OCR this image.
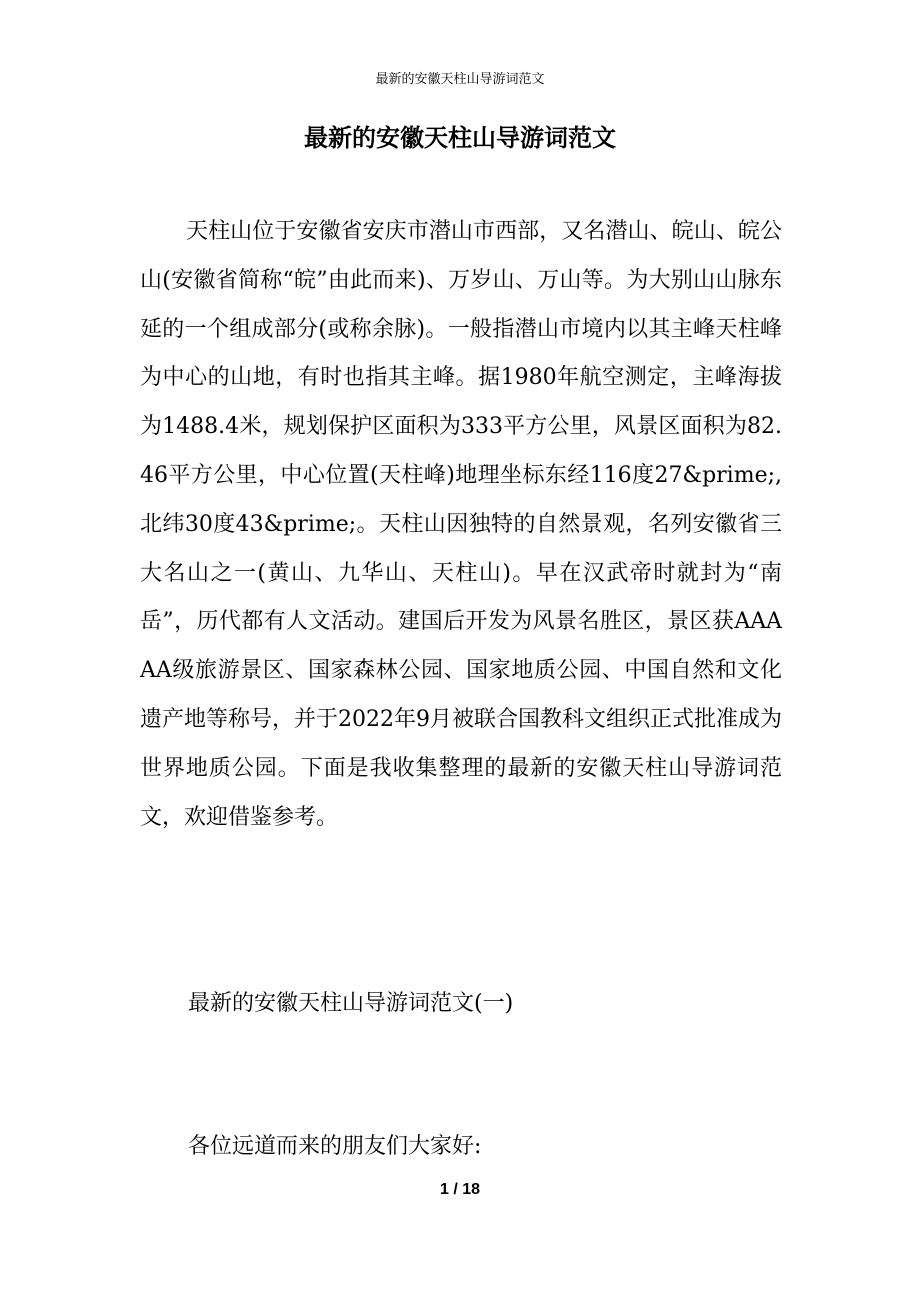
最新的安徽天柱山导游词范文
最新的安徽天柱山导游词范文

天柱山位于安徽省安庆市潜山市西部，又名潜山、皖山、皖公山(安徽省简称“皖”由此而来)、万岁山、万山等。为大别山山脉东延的一个组成部分(或称余脉)。一般指潜山市境内以其主峰天柱峰为中心的山地，有时也指其主峰。据1980年航空测定，主峰海拔为1488.4米，规划保护区面积为333平方公里，风景区面积为82.46平方公里，中心位置(天柱峰)地理坐标东经116度27&prime;,北纬30度43&prime;。天柱山因独特的自然景观，名列安徽省三大名山之一(黄山、九华山、天柱山)。早在汉武帝时就封为“南岳”，历代都有人文活动。建国后开发为风景名胜区，景区获AAAAA级旅游景区、国家森林公园、国家地质公园、中国自然和文化遗产地等称号，并于2022年9月被联合国教科文组织正式批准成为世界地质公园。下面是我收集整理的最新的安徽天柱山导游词范文，欢迎借鉴参考。

最新的安徽天柱山导游词范文(一)

各位远道而来的朋友们大家好:

1 / 18
